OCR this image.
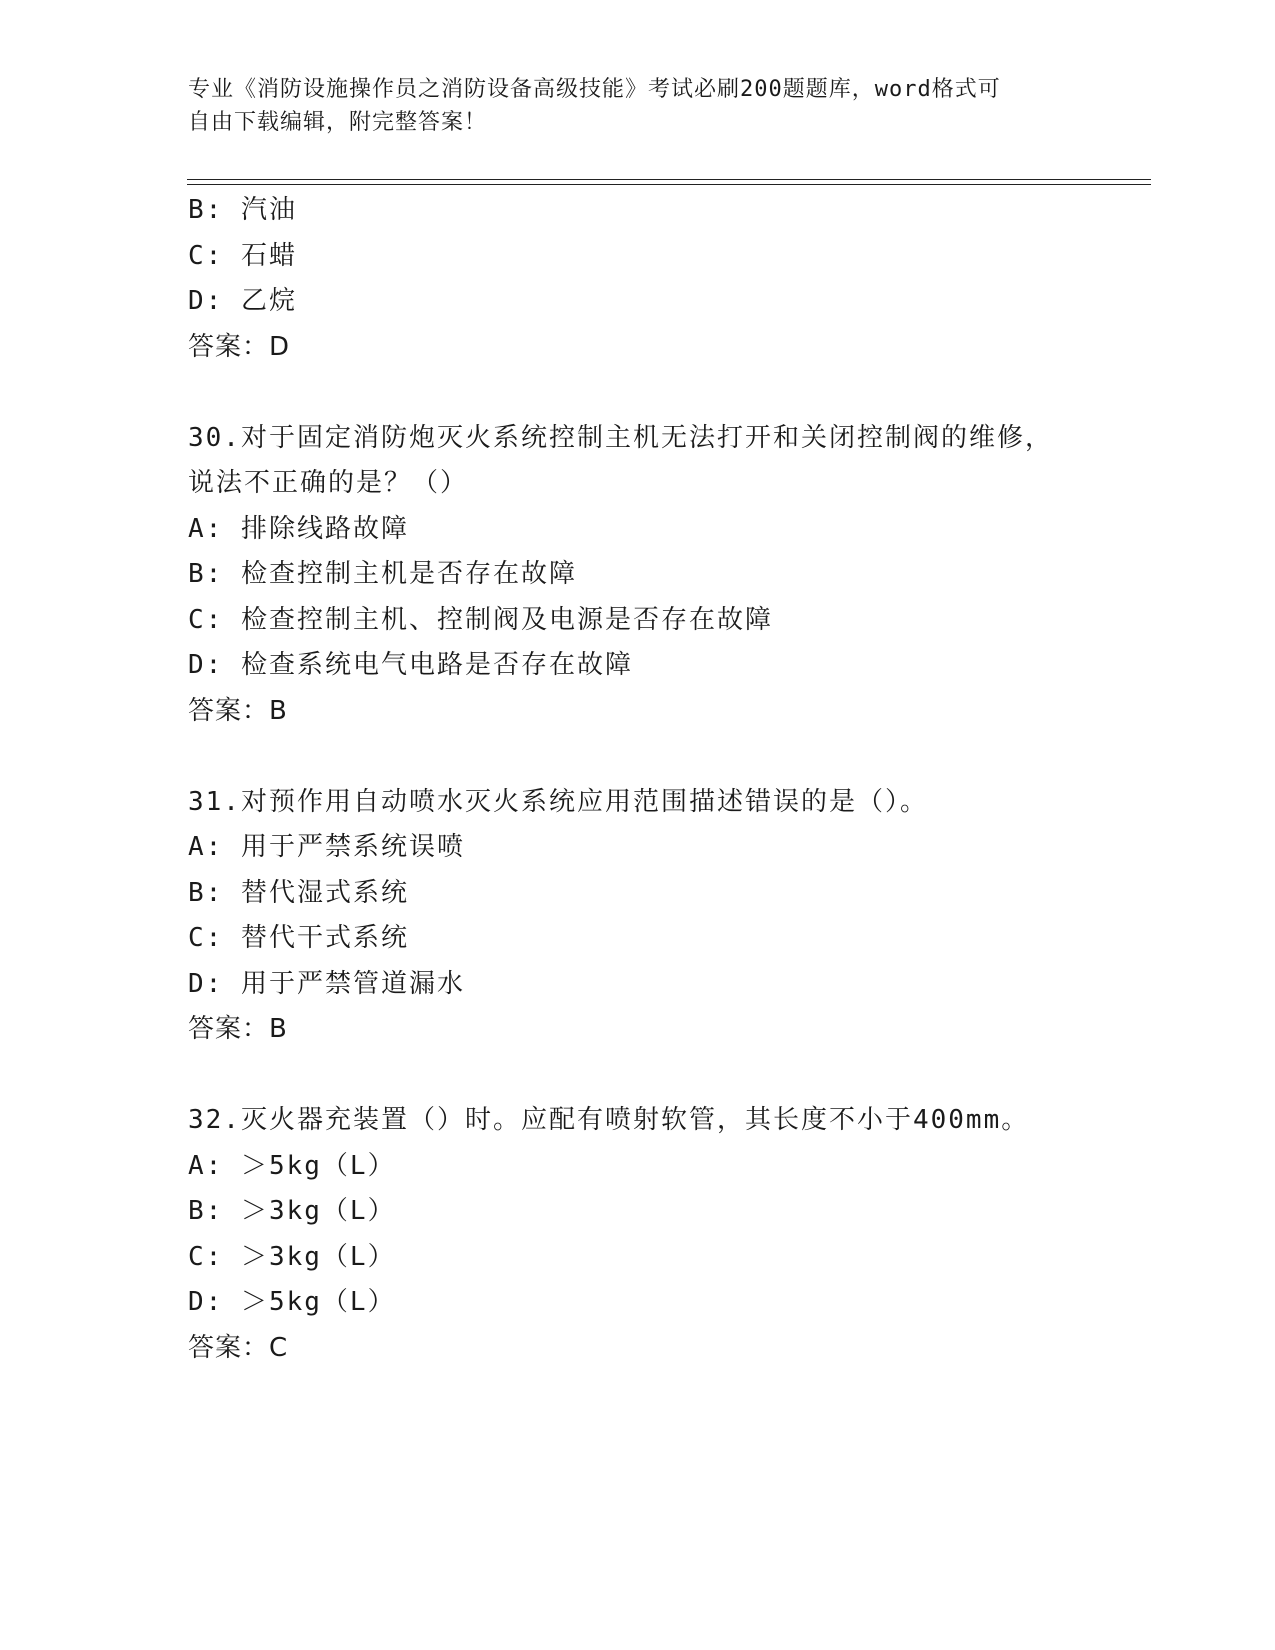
专业《消防设施操作员之消防设备高级技能》考试必刷200题题库，word格式可
自由下载编辑，附完整答案！
B: 汽油
C: 石蜡
D: 乙烷
答案：D
30.对于固定消防炮灭火系统控制主机无法打开和关闭控制阀的维修，
说法不正确的是？（）
A: 排除线路故障
B: 检查控制主机是否存在故障
C: 检查控制主机、控制阀及电源是否存在故障
D: 检查系统电气电路是否存在故障
答案：B
31.对预作用自动喷水灭火系统应用范围描述错误的是（）。
A: 用于严禁系统误喷
B: 替代湿式系统
C: 替代干式系统
D: 用于严禁管道漏水
答案：B
32.灭火器充装置（）时。应配有喷射软管，其长度不小于400mm。
A: ＞5kg（L）
B: ＞3kg（L）
C: ＞3kg（L）
D: ＞5kg（L）
答案：C
